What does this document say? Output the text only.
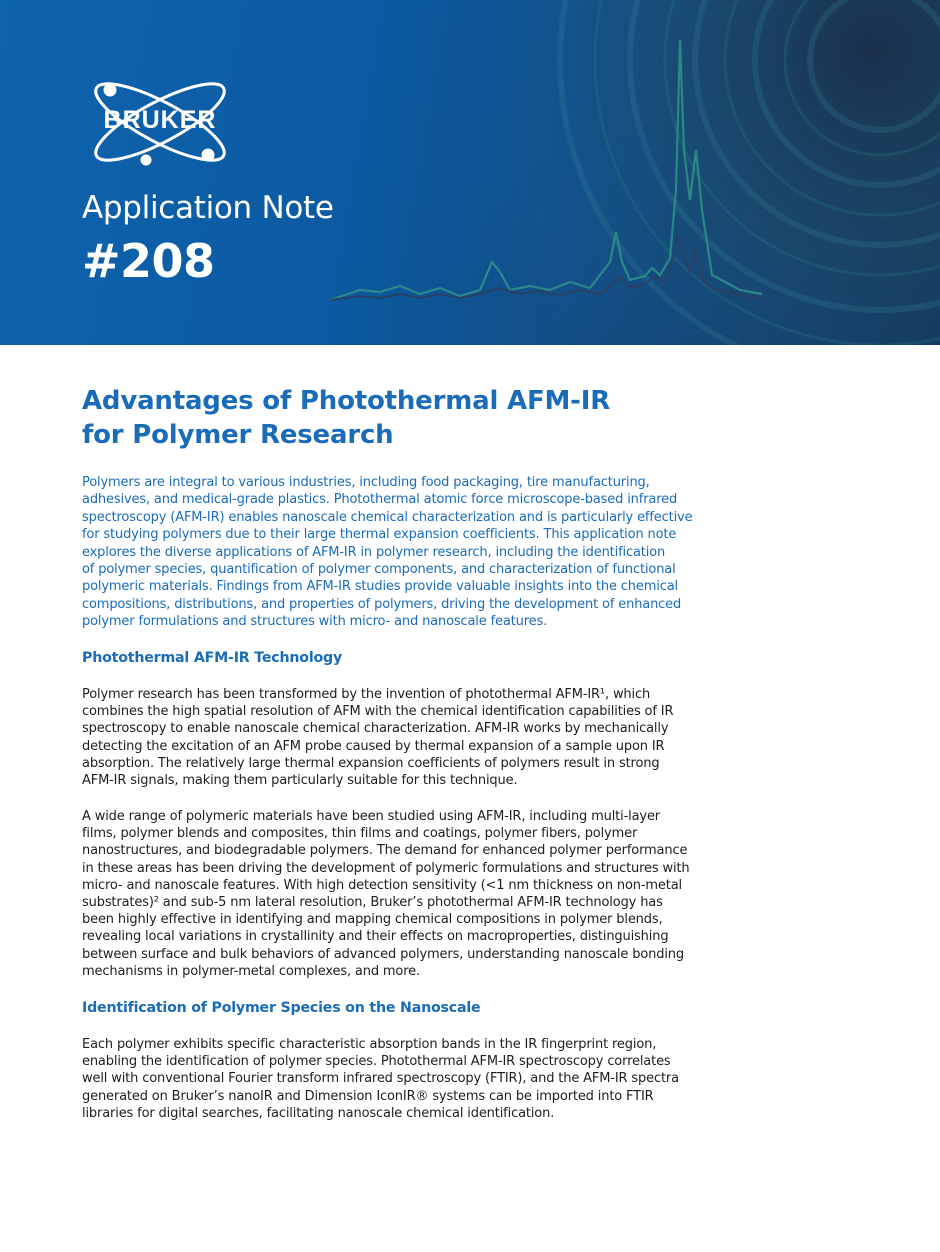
BRUKER
Application Note
#208
Advantages of Photothermal AFM-IR
for Polymer Research
Polymers are integral to various industries, including food packaging, tire manufacturing,
adhesives, and medical-grade plastics. Photothermal atomic force microscope-based infrared
spectroscopy (AFM-IR) enables nanoscale chemical characterization and is particularly effective
for studying polymers due to their large thermal expansion coefficients. This application note
explores the diverse applications of AFM-IR in polymer research, including the identification
of polymer species, quantification of polymer components, and characterization of functional
polymeric materials. Findings from AFM-IR studies provide valuable insights into the chemical
compositions, distributions, and properties of polymers, driving the development of enhanced
polymer formulations and structures with micro- and nanoscale features.
Photothermal AFM-IR Technology
Polymer research has been transformed by the invention of photothermal AFM-IR¹, which
combines the high spatial resolution of AFM with the chemical identification capabilities of IR
spectroscopy to enable nanoscale chemical characterization. AFM-IR works by mechanically
detecting the excitation of an AFM probe caused by thermal expansion of a sample upon IR
absorption. The relatively large thermal expansion coefficients of polymers result in strong
AFM-IR signals, making them particularly suitable for this technique.
A wide range of polymeric materials have been studied using AFM-IR, including multi-layer
films, polymer blends and composites, thin films and coatings, polymer fibers, polymer
nanostructures, and biodegradable polymers. The demand for enhanced polymer performance
in these areas has been driving the development of polymeric formulations and structures with
micro- and nanoscale features. With high detection sensitivity (<1 nm thickness on non-metal
substrates)² and sub-5 nm lateral resolution, Bruker’s photothermal AFM-IR technology has
been highly effective in identifying and mapping chemical compositions in polymer blends,
revealing local variations in crystallinity and their effects on macroproperties, distinguishing
between surface and bulk behaviors of advanced polymers, understanding nanoscale bonding
mechanisms in polymer-metal complexes, and more.
Identification of Polymer Species on the Nanoscale
Each polymer exhibits specific characteristic absorption bands in the IR fingerprint region,
enabling the identification of polymer species. Photothermal AFM-IR spectroscopy correlates
well with conventional Fourier transform infrared spectroscopy (FTIR), and the AFM-IR spectra
generated on Bruker’s nanoIR and Dimension IconIR® systems can be imported into FTIR
libraries for digital searches, facilitating nanoscale chemical identification.
